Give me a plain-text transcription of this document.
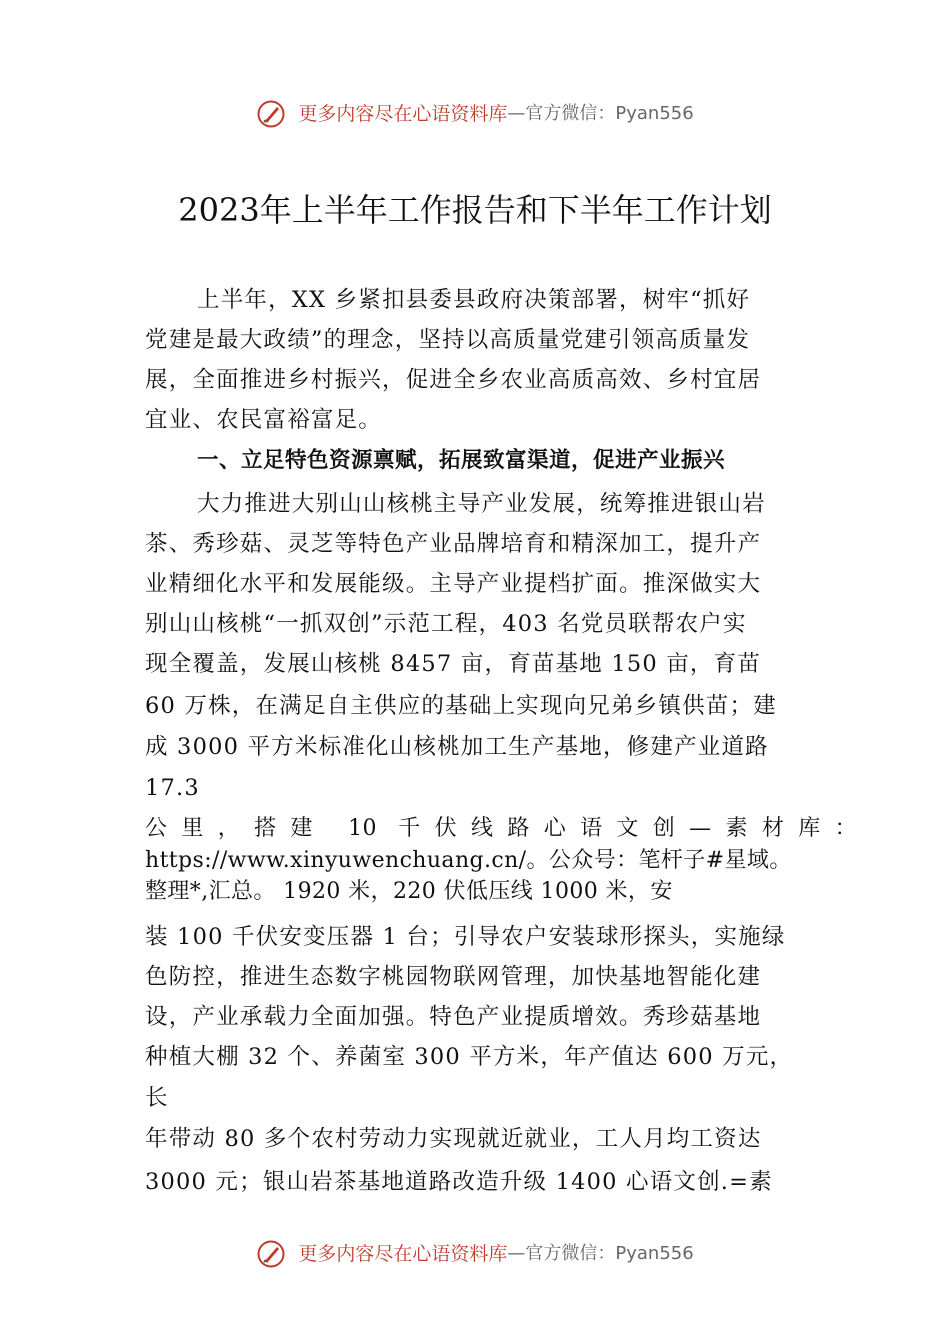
更多内容尽在心语资料库—官方微信：Pyan556
2023年上半年工作报告和下半年工作计划
上半年，XX 乡紧扣县委县政府决策部署，树牢“抓好
党建是最大政绩”的理念，坚持以高质量党建引领高质量发
展，全面推进乡村振兴，促进全乡农业高质高效、乡村宜居
宜业、农民富裕富足。
一、立足特色资源禀赋，拓展致富渠道，促进产业振兴
大力推进大别山山核桃主导产业发展，统筹推进银山岩
茶、秀珍菇、灵芝等特色产业品牌培育和精深加工，提升产
业精细化水平和发展能级。主导产业提档扩面。推深做实大
别山山核桃“一抓双创”示范工程，403 名党员联帮农户实
现全覆盖，发展山核桃 8457 亩，育苗基地 150 亩，育苗
60 万株，在满足自主供应的基础上实现向兄弟乡镇供苗；建
成 3000 平方米标准化山核桃加工生产基地，修建产业道路
17.3
公里，搭建 10 千伏线路心语文创—素材库：
https://www.xinyuwenchuang.cn/。公众号：笔杆子#星域。
整理*,汇总。 1920 米，220 伏低压线 1000 米，安
装 100 千伏安变压器 1 台；引导农户安装球形探头，实施绿
色防控，推进生态数字桃园物联网管理，加快基地智能化建
设，产业承载力全面加强。特色产业提质增效。秀珍菇基地
种植大棚 32 个、养菌室 300 平方米，年产值达 600 万元，
长
年带动 80 多个农村劳动力实现就近就业，工人月均工资达
3000 元；银山岩茶基地道路改造升级 1400 心语文创.=素
更多内容尽在心语资料库—官方微信：Pyan556
